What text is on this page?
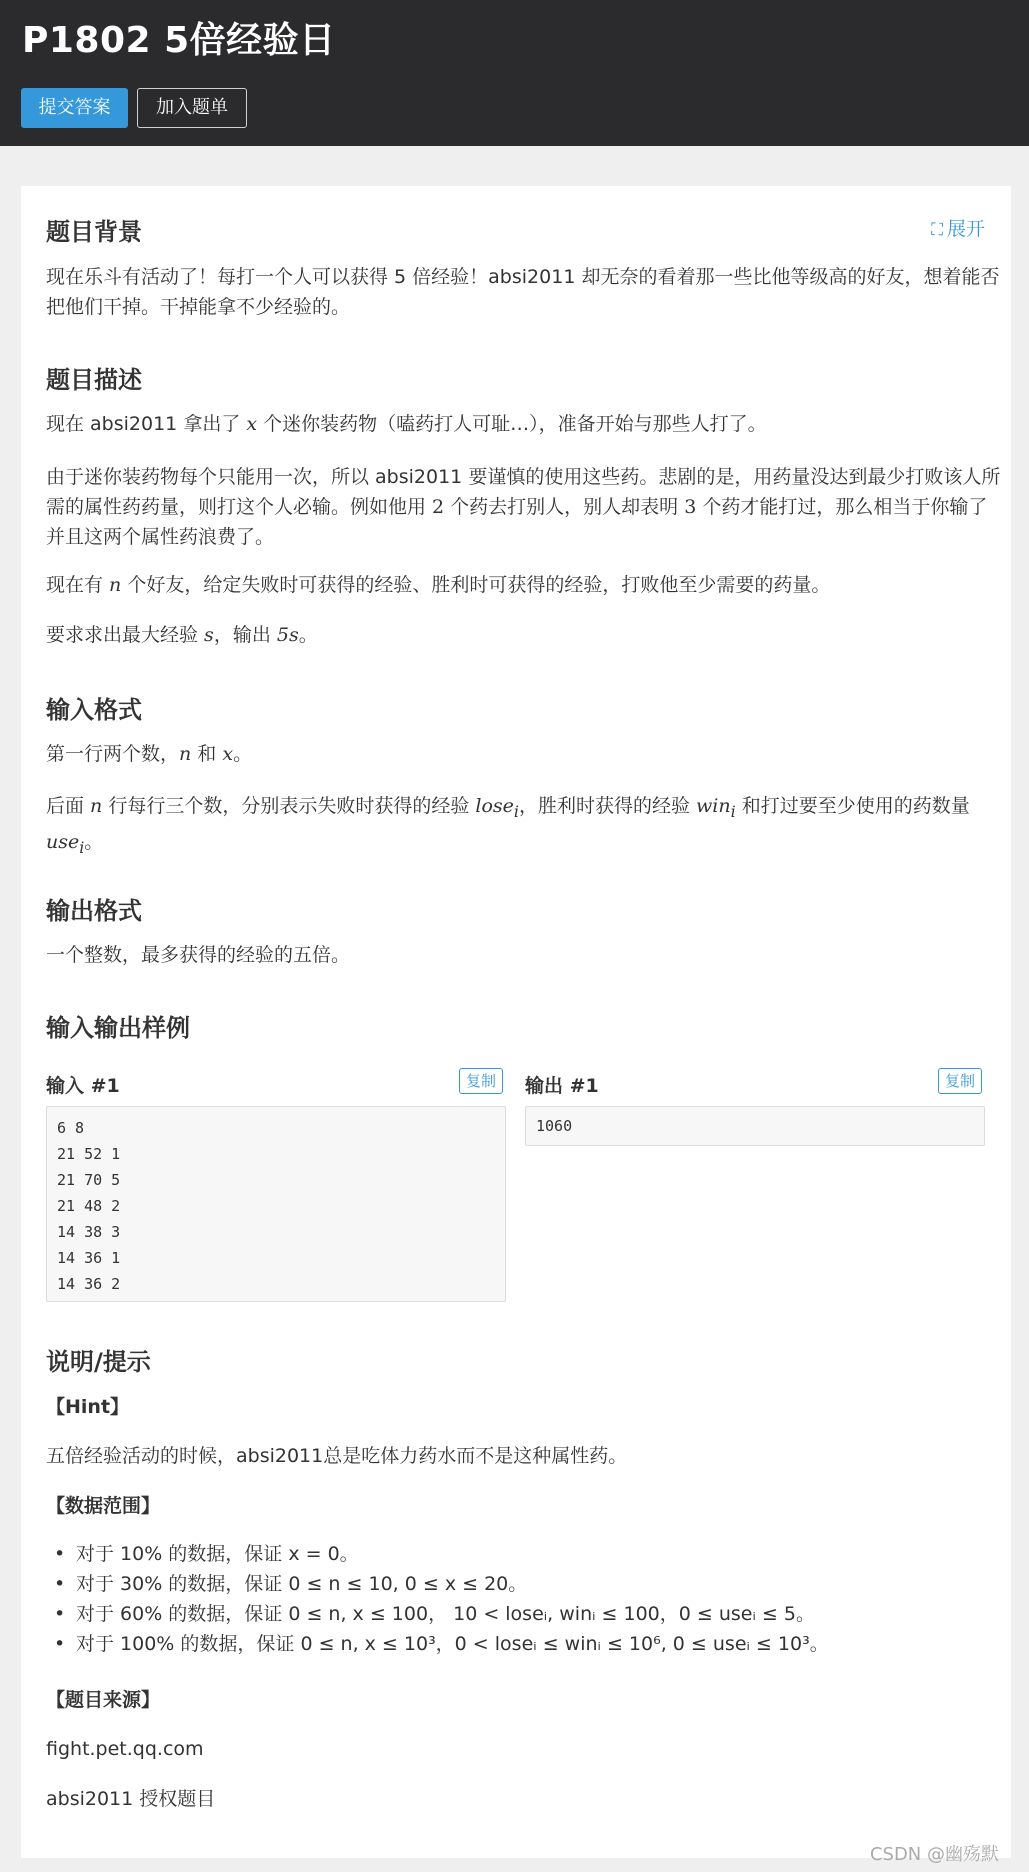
P1802 5倍经验日
提交答案	加入题单
题目背景	⛶ 展开
现在乐斗有活动了！每打一个人可以获得 5 倍经验！absi2011 却无奈的看着那一些比他等级高的好友，想着能否把他们干掉。干掉能拿不少经验的。
题目描述
现在 absi2011 拿出了 x 个迷你装药物（嗑药打人可耻…），准备开始与那些人打了。
由于迷你装药物每个只能用一次，所以 absi2011 要谨慎的使用这些药。悲剧的是，用药量没达到最少打败该人所需的属性药药量，则打这个人必输。例如他用 2 个药去打别人，别人却表明 3 个药才能打过，那么相当于你输了并且这两个属性药浪费了。
现在有 n 个好友，给定失败时可获得的经验、胜利时可获得的经验，打败他至少需要的药量。
要求求出最大经验 s，输出 5s。
输入格式
第一行两个数，n 和 x。
后面 n 行每行三个数，分别表示失败时获得的经验 lose$_i$，胜利时获得的经验 win$_i$ 和打过要至少使用的药数量 use$_i$。
输出格式
一个整数，最多获得的经验的五倍。
输入输出样例
输入 #1	复制
6 8
21 52 1
21 70 5
21 48 2
14 38 3
14 36 1
14 36 2
输出 #1	复制
1060
说明/提示
【Hint】
五倍经验活动的时候，absi2011总是吃体力药水而不是这种属性药。
【数据范围】
• 对于 10% 的数据，保证 x = 0。
• 对于 30% 的数据，保证 0 ≤ n ≤ 10, 0 ≤ x ≤ 20。
• 对于 60% 的数据，保证 0 ≤ n, x ≤ 100， 10 < loseᵢ, winᵢ ≤ 100，0 ≤ useᵢ ≤ 5。
• 对于 100% 的数据，保证 0 ≤ n, x ≤ 10³，0 < loseᵢ ≤ winᵢ ≤ 10⁶, 0 ≤ useᵢ ≤ 10³。
【题目来源】
fight.pet.qq.com
absi2011 授权题目
CSDN @幽殇默
